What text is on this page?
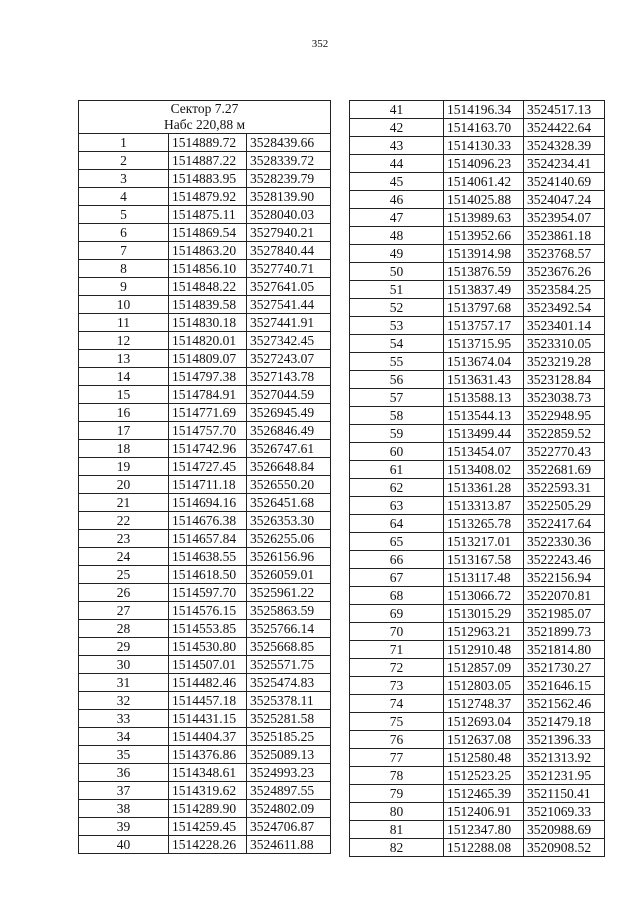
352
Сектор 7.27
Набс 220,88 м		

1	1514889.72	3528439.66
2	1514887.22	3528339.72
3	1514883.95	3528239.79
4	1514879.92	3528139.90
5	1514875.11	3528040.03
6	1514869.54	3527940.21
7	1514863.20	3527840.44
8	1514856.10	3527740.71
9	1514848.22	3527641.05
10	1514839.58	3527541.44
11	1514830.18	3527441.91
12	1514820.01	3527342.45
13	1514809.07	3527243.07
14	1514797.38	3527143.78
15	1514784.91	3527044.59
16	1514771.69	3526945.49
17	1514757.70	3526846.49
18	1514742.96	3526747.61
19	1514727.45	3526648.84
20	1514711.18	3526550.20
21	1514694.16	3526451.68
22	1514676.38	3526353.30
23	1514657.84	3526255.06
24	1514638.55	3526156.96
25	1514618.50	3526059.01
26	1514597.70	3525961.22
27	1514576.15	3525863.59
28	1514553.85	3525766.14
29	1514530.80	3525668.85
30	1514507.01	3525571.75
31	1514482.46	3525474.83
32	1514457.18	3525378.11
33	1514431.15	3525281.58
34	1514404.37	3525185.25
35	1514376.86	3525089.13
36	1514348.61	3524993.23
37	1514319.62	3524897.55
38	1514289.90	3524802.09
39	1514259.45	3524706.87
40	1514228.26	3524611.88
41	1514196.34	3524517.13
42	1514163.70	3524422.64
43	1514130.33	3524328.39
44	1514096.23	3524234.41
45	1514061.42	3524140.69
46	1514025.88	3524047.24
47	1513989.63	3523954.07
48	1513952.66	3523861.18
49	1513914.98	3523768.57
50	1513876.59	3523676.26
51	1513837.49	3523584.25
52	1513797.68	3523492.54
53	1513757.17	3523401.14
54	1513715.95	3523310.05
55	1513674.04	3523219.28
56	1513631.43	3523128.84
57	1513588.13	3523038.73
58	1513544.13	3522948.95
59	1513499.44	3522859.52
60	1513454.07	3522770.43
61	1513408.02	3522681.69
62	1513361.28	3522593.31
63	1513313.87	3522505.29
64	1513265.78	3522417.64
65	1513217.01	3522330.36
66	1513167.58	3522243.46
67	1513117.48	3522156.94
68	1513066.72	3522070.81
69	1513015.29	3521985.07
70	1512963.21	3521899.73
71	1512910.48	3521814.80
72	1512857.09	3521730.27
73	1512803.05	3521646.15
74	1512748.37	3521562.46
75	1512693.04	3521479.18
76	1512637.08	3521396.33
77	1512580.48	3521313.92
78	1512523.25	3521231.95
79	1512465.39	3521150.41
80	1512406.91	3521069.33
81	1512347.80	3520988.69
82	1512288.08	3520908.52
